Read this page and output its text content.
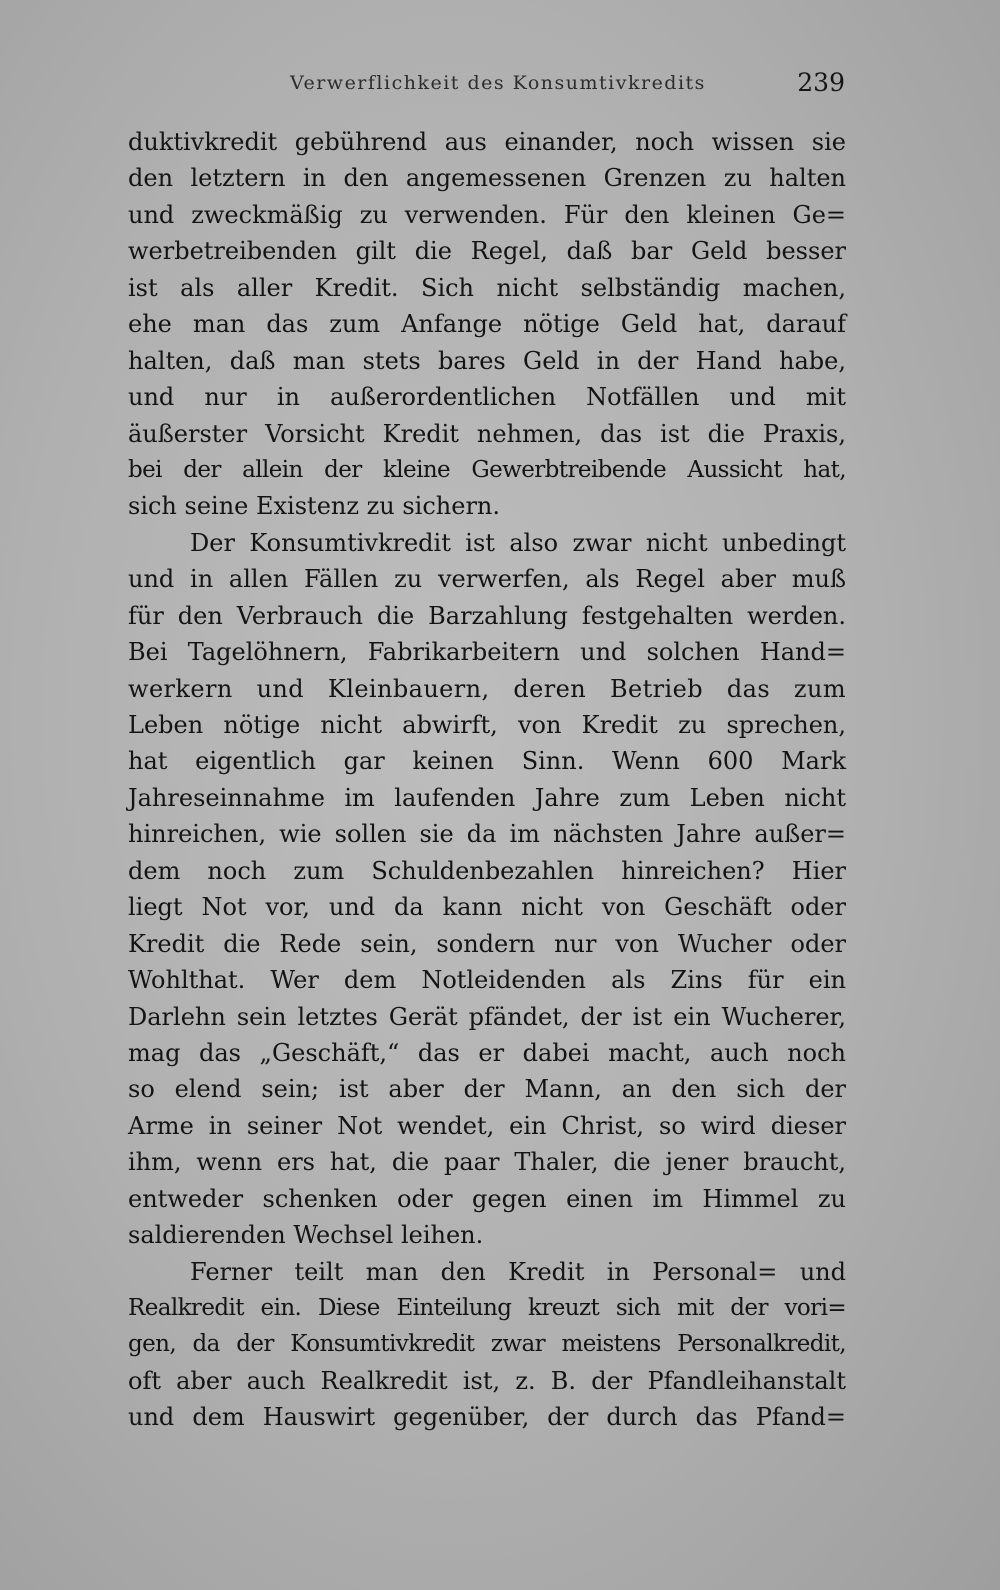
Verwerflichkeit des Konsumtivkredits	239
duktivkredit gebührend aus einander, noch wissen sie
den letztern in den angemessenen Grenzen zu halten
und zweckmäßig zu verwenden. Für den kleinen Ge=
werbetreibenden gilt die Regel, daß bar Geld besser
ist als aller Kredit. Sich nicht selbständig machen,
ehe man das zum Anfange nötige Geld hat, darauf
halten, daß man stets bares Geld in der Hand habe,
und nur in außerordentlichen Notfällen und mit
äußerster Vorsicht Kredit nehmen, das ist die Praxis,
bei der allein der kleine Gewerbtreibende Aussicht hat,
sich seine Existenz zu sichern.
Der Konsumtivkredit ist also zwar nicht unbedingt
und in allen Fällen zu verwerfen, als Regel aber muß
für den Verbrauch die Barzahlung festgehalten werden.
Bei Tagelöhnern, Fabrikarbeitern und solchen Hand=
werkern und Kleinbauern, deren Betrieb das zum
Leben nötige nicht abwirft, von Kredit zu sprechen,
hat eigentlich gar keinen Sinn. Wenn 600 Mark
Jahreseinnahme im laufenden Jahre zum Leben nicht
hinreichen, wie sollen sie da im nächsten Jahre außer=
dem noch zum Schuldenbezahlen hinreichen? Hier
liegt Not vor, und da kann nicht von Geschäft oder
Kredit die Rede sein, sondern nur von Wucher oder
Wohlthat. Wer dem Notleidenden als Zins für ein
Darlehn sein letztes Gerät pfändet, der ist ein Wucherer,
mag das „Geschäft,“ das er dabei macht, auch noch
so elend sein; ist aber der Mann, an den sich der
Arme in seiner Not wendet, ein Christ, so wird dieser
ihm, wenn ers hat, die paar Thaler, die jener braucht,
entweder schenken oder gegen einen im Himmel zu
saldierenden Wechsel leihen.
Ferner teilt man den Kredit in Personal= und
Realkredit ein. Diese Einteilung kreuzt sich mit der vori=
gen, da der Konsumtivkredit zwar meistens Personalkredit,
oft aber auch Realkredit ist, z. B. der Pfandleihanstalt
und dem Hauswirt gegenüber, der durch das Pfand=
